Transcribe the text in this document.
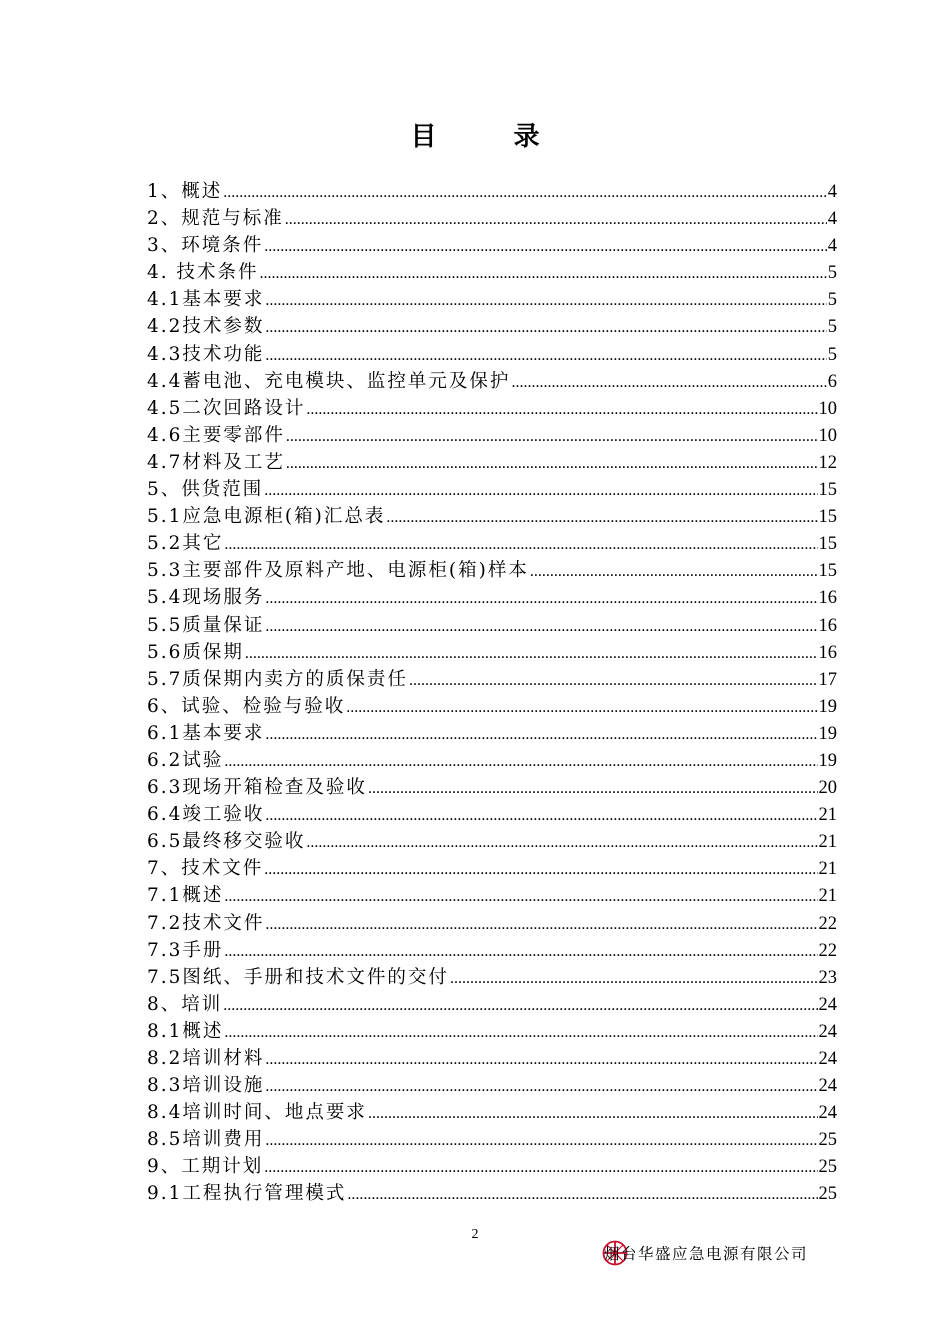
目 录
1、概述 .....	4
2、规范与标准 .....	4
3、环境条件 .....	4
4. 技术条件 .....	5
4.1基本要求 .....	5
4.2技术参数 .....	5
4.3技术功能 .....	5
4.4蓄电池、充电模块、监控单元及保护 .....	6
4.5二次回路设计 .....	10
4.6主要零部件 .....	10
4.7材料及工艺 .....	12
5、供货范围 .....	15
5.1应急电源柜(箱)汇总表 .....	15
5.2其它 .....	15
5.3主要部件及原料产地、电源柜(箱)样本 .....	15
5.4现场服务 .....	16
5.5质量保证 .....	16
5.6质保期 .....	16
5.7质保期内卖方的质保责任 .....	17
6、试验、检验与验收 .....	19
6.1基本要求 .....	19
6.2试验 .....	19
6.3现场开箱检查及验收 .....	20
6.4竣工验收 .....	21
6.5最终移交验收 .....	21
7、技术文件 .....	21
7.1概述 .....	21
7.2技术文件 .....	22
7.3手册 .....	22
7.5图纸、手册和技术文件的交付 .....	23
8、培训 .....	24
8.1概述 .....	24
8.2培训材料 .....	24
8.3培训设施 .....	24
8.4培训时间、地点要求 .....	24
8.5培训费用 .....	25
9、工期计划 .....	25
9.1工程执行管理模式 .....	25
2
烟台华盛应急电源有限公司
